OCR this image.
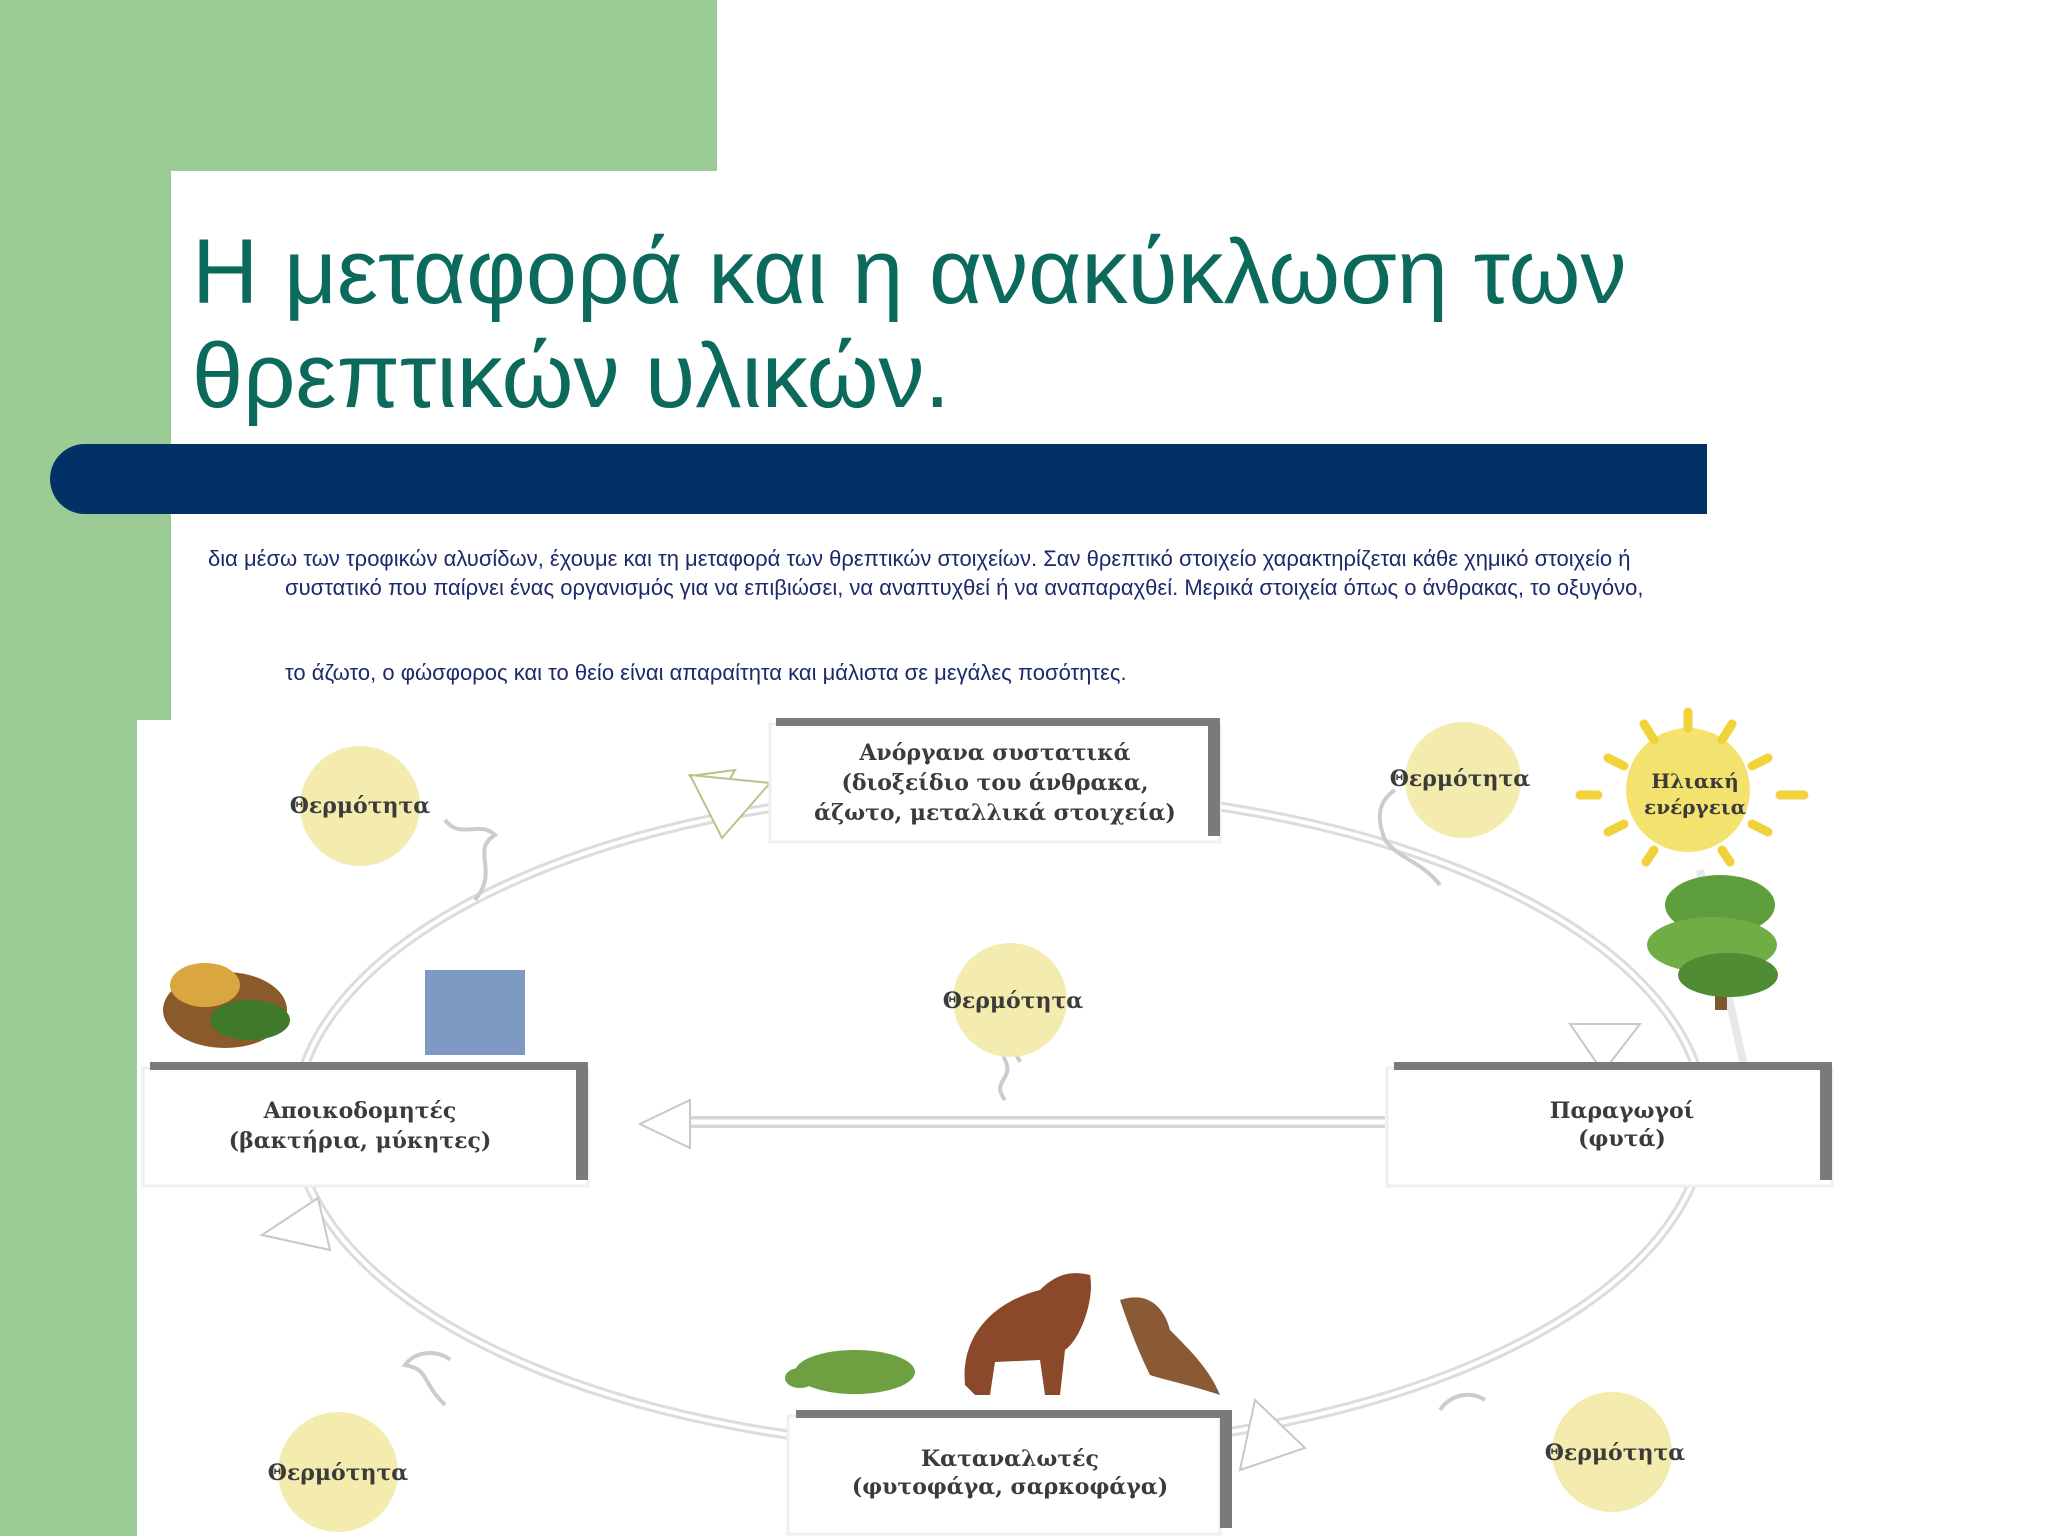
Η μεταφορά και η ανακύκλωση των
θρεπτικών υλικών.
δια μέσω των τροφικών αλυσίδων, έχουμε και τη μεταφορά των θρεπτικών στοιχείων. Σαν θρεπτικό στοιχείο χαρακτηρίζεται κάθε χημικό στοιχείο ή
συστατικό που παίρνει ένας οργανισμός για να επιβιώσει, να αναπτυχθεί ή να αναπαραχθεί. Μερικά στοιχεία όπως ο άνθρακας, το οξυγόνο,
το άζωτο, ο φώσφορος και το θείο είναι απαραίτητα και μάλιστα σε μεγάλες ποσότητες.
Θερμότητα
Θερμότητα
Θερμότητα
Θερμότητα
Θερμότητα
Ηλιακή
ενέργεια
Ανόργανα συστατικά
(διοξείδιο του άνθρακα,
άζωτο, μεταλλικά στοιχεία)
Αποικοδομητές
(βακτήρια, μύκητες)
Παραγωγοί
(φυτά)
Καταναλωτές
(φυτοφάγα, σαρκοφάγα)
